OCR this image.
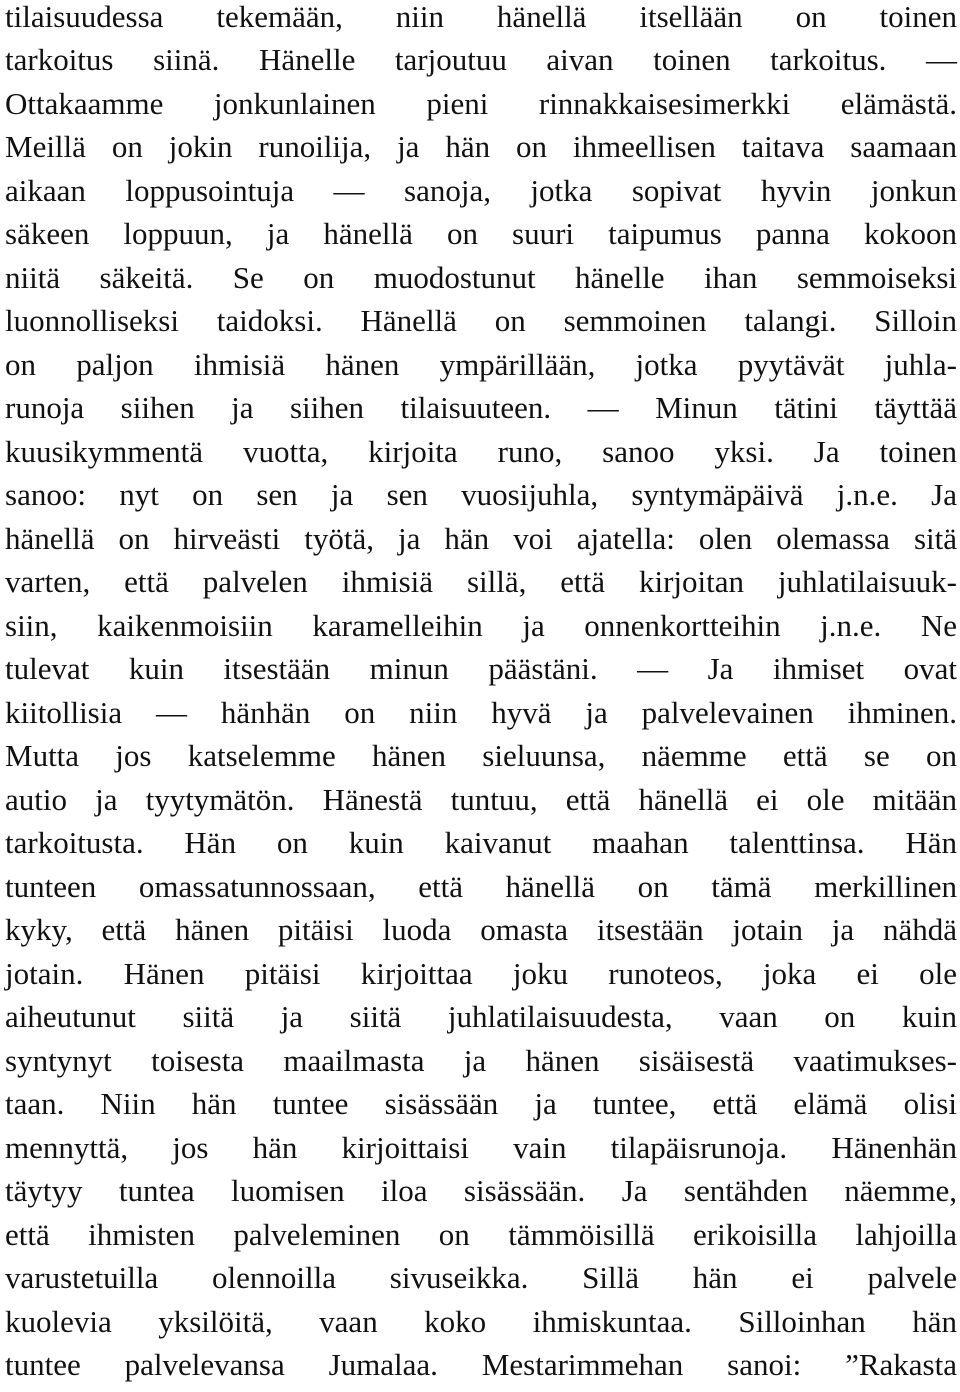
tilaisuudessa tekemään, niin hänellä itsellään on toinen

tarkoitus siinä. Hänelle tarjoutuu aivan toinen tarkoitus. —

Ottakaamme jonkunlainen pieni rinnakkaisesimerkki elämästä.

Meillä on jokin runoilija, ja hän on ihmeellisen taitava saamaan

aikaan loppusointuja — sanoja, jotka sopivat hyvin jonkun

säkeen loppuun, ja hänellä on suuri taipumus panna kokoon

niitä säkeitä. Se on muodostunut hänelle ihan semmoiseksi

luonnolliseksi taidoksi. Hänellä on semmoinen talangi. Silloin

on paljon ihmisiä hänen ympärillään, jotka pyytävät juhla-

runoja siihen ja siihen tilaisuuteen. — Minun tätini täyttää

kuusikymmentä vuotta, kirjoita runo, sanoo yksi. Ja toinen

sanoo: nyt on sen ja sen vuosijuhla, syntymäpäivä j.n.e. Ja

hänellä on hirveästi työtä, ja hän voi ajatella: olen olemassa sitä

varten, että palvelen ihmisiä sillä, että kirjoitan juhlatilaisuuk-

siin, kaikenmoisiin karamelleihin ja onnenkortteihin j.n.e. Ne

tulevat kuin itsestään minun päästäni. — Ja ihmiset ovat

kiitollisia — hänhän on niin hyvä ja palvelevainen ihminen.

Mutta jos katselemme hänen sieluunsa, näemme että se on

autio ja tyytymätön. Hänestä tuntuu, että hänellä ei ole mitään

tarkoitusta. Hän on kuin kaivanut maahan talenttinsa. Hän

tunteen omassatunnossaan, että hänellä on tämä merkillinen

kyky, että hänen pitäisi luoda omasta itsestään jotain ja nähdä

jotain. Hänen pitäisi kirjoittaa joku runoteos, joka ei ole

aiheutunut siitä ja siitä juhlatilaisuudesta, vaan on kuin

syntynyt toisesta maailmasta ja hänen sisäisestä vaatimukses-

taan. Niin hän tuntee sisässään ja tuntee, että elämä olisi

mennyttä, jos hän kirjoittaisi vain tilapäisrunoja. Hänenhän

täytyy tuntea luomisen iloa sisässään. Ja sentähden näemme,

että ihmisten palveleminen on tämmöisillä erikoisilla lahjoilla

varustetuilla olennoilla sivuseikka. Sillä hän ei palvele

kuolevia yksilöitä, vaan koko ihmiskuntaa. Silloinhan hän

tuntee palvelevansa Jumalaa. Mestarimmehan sanoi: ”Rakasta
